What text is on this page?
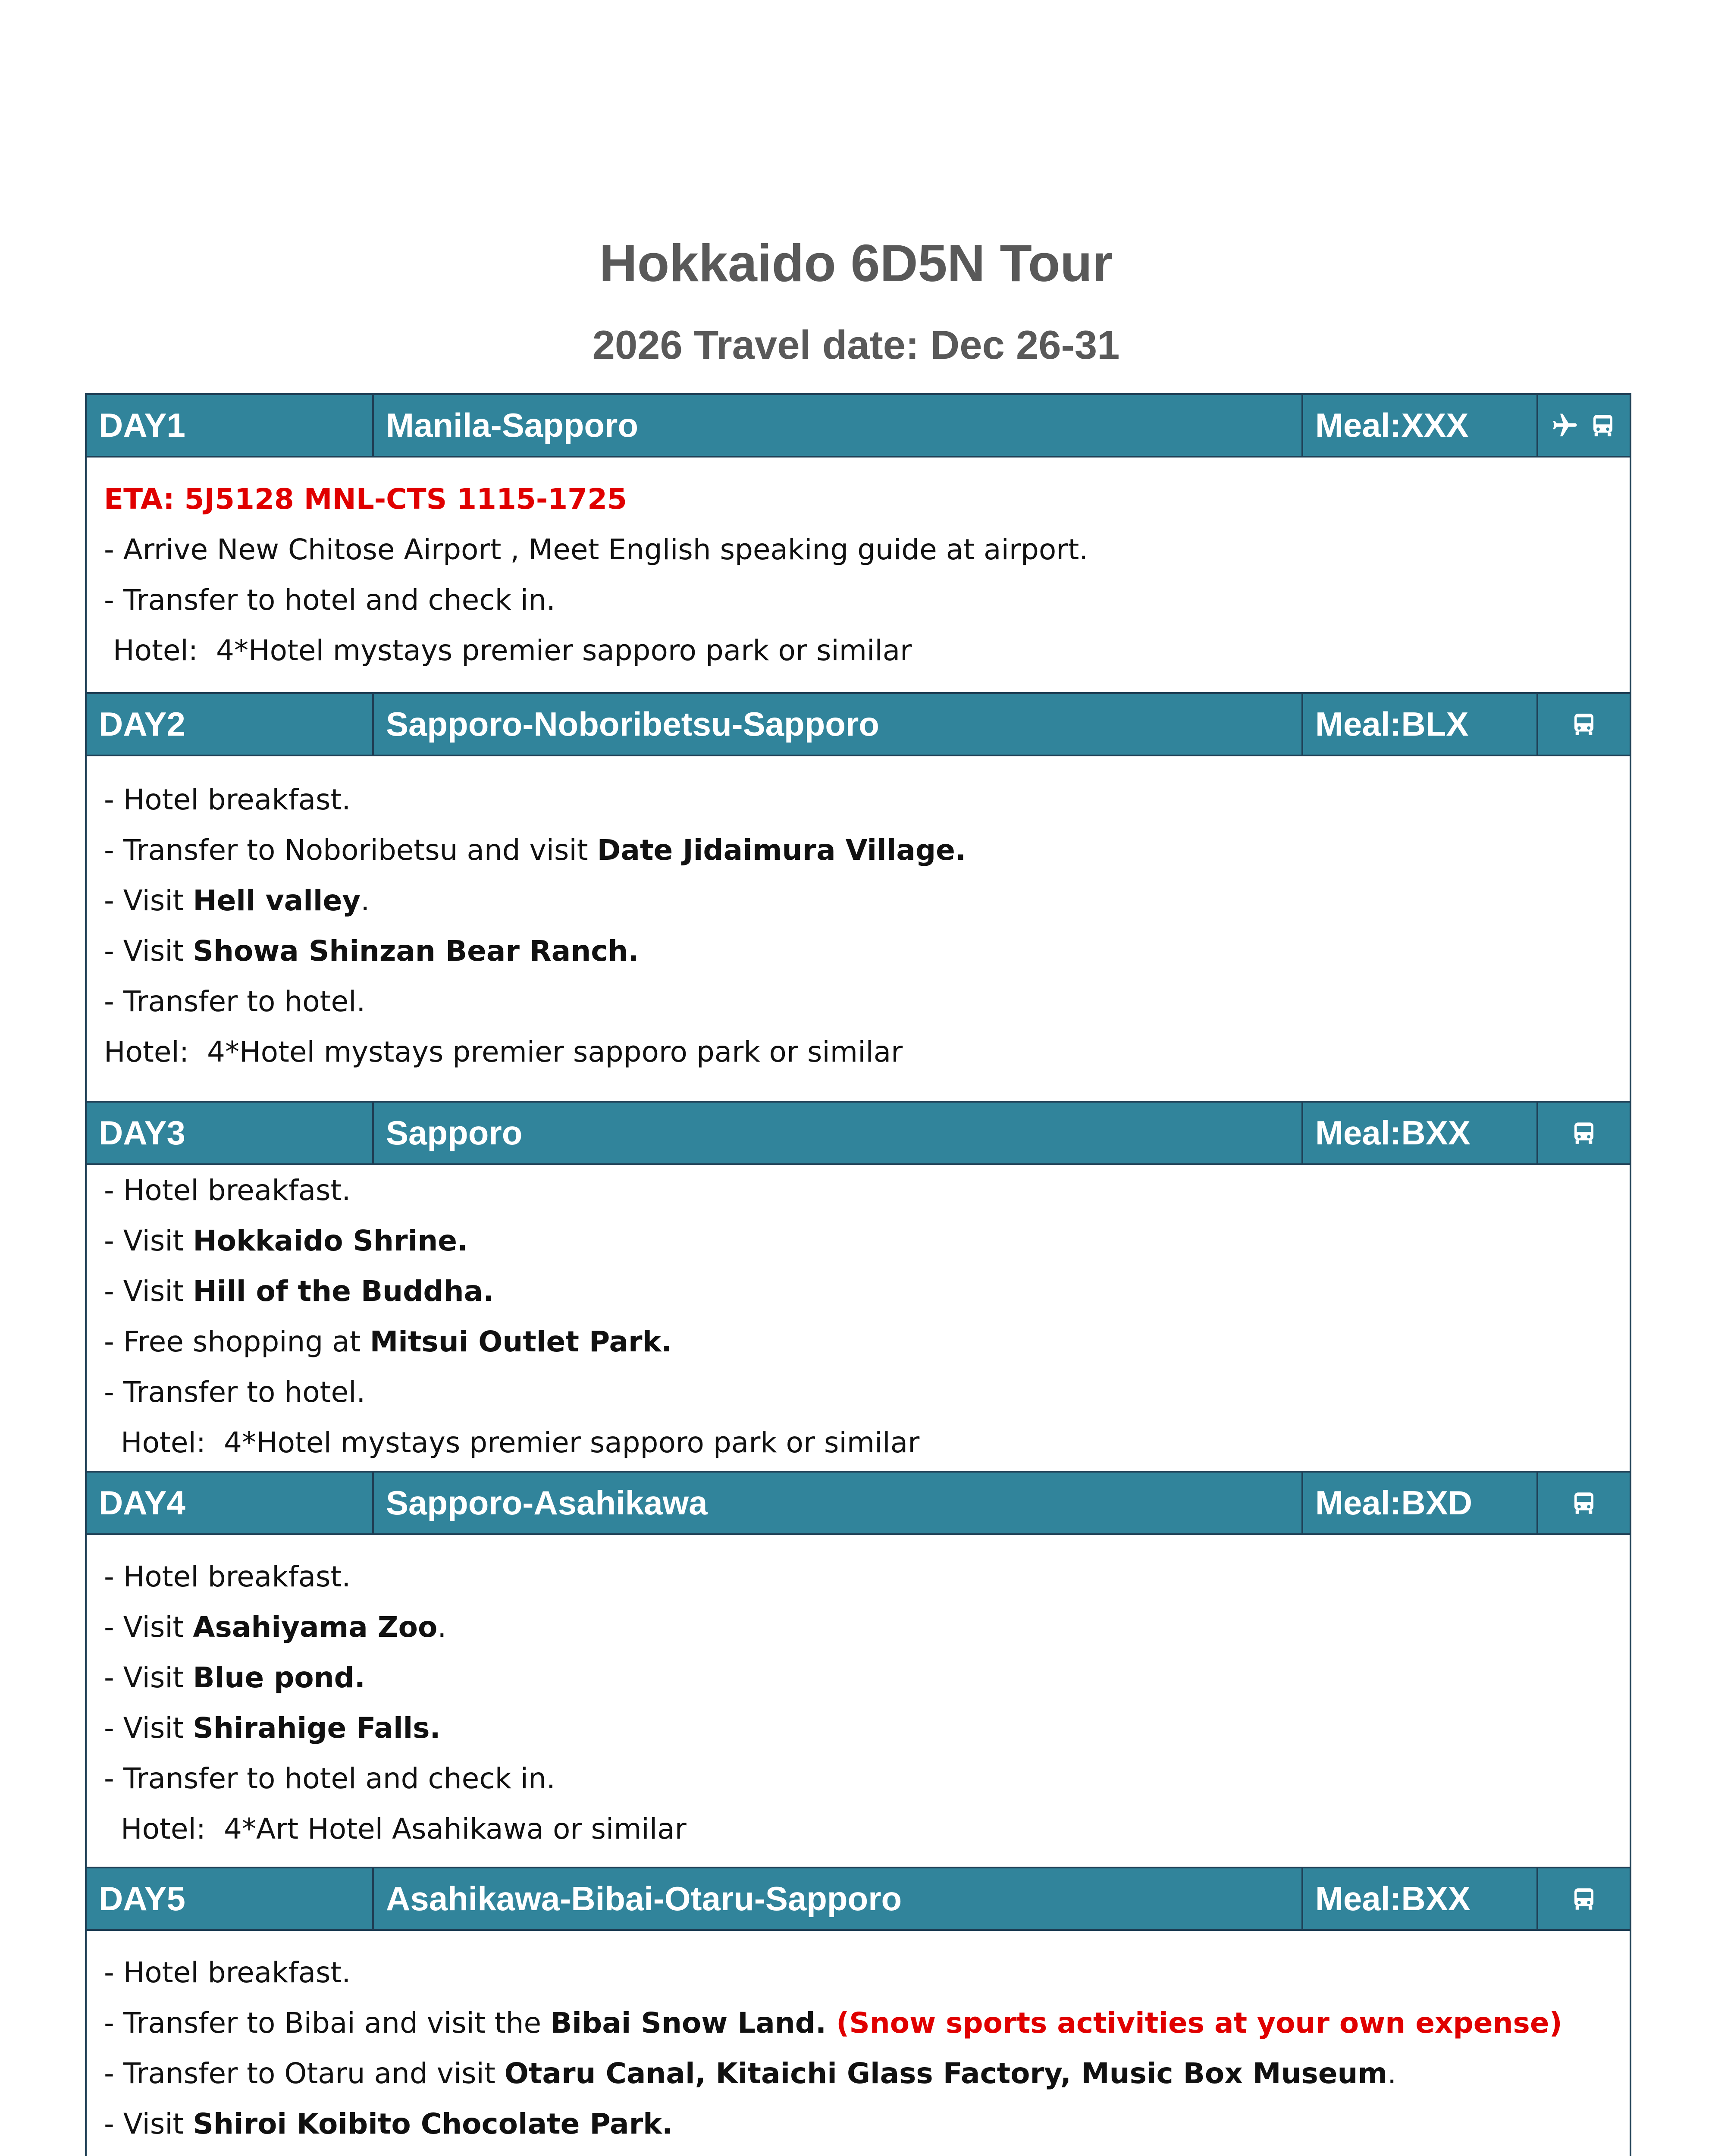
Hokkaido 6D5N Tour
2026 Travel date: Dec 26-31
DAY1	Manila-Sapporo	Meal:XXX
ETA: 5J5128 MNL-CTS 1115-1725
- Arrive New Chitose Airport , Meet English speaking guide at airport.
- Transfer to hotel and check in.
Hotel:  4*Hotel mystays premier sapporo park or similar
DAY2	Sapporo-Noboribetsu-Sapporo	Meal:BLX
- Hotel breakfast.
- Transfer to Noboribetsu and visit Date Jidaimura Village.
- Visit Hell valley.
- Visit Showa Shinzan Bear Ranch.
- Transfer to hotel.
Hotel:  4*Hotel mystays premier sapporo park or similar
DAY3	Sapporo	Meal:BXX
- Hotel breakfast.
- Visit Hokkaido Shrine.
- Visit Hill of the Buddha.
- Free shopping at Mitsui Outlet Park.
- Transfer to hotel.
Hotel:  4*Hotel mystays premier sapporo park or similar
DAY4	Sapporo-Asahikawa	Meal:BXD
- Hotel breakfast.
- Visit Asahiyama Zoo.
- Visit Blue pond.
- Visit Shirahige Falls.
- Transfer to hotel and check in.
Hotel:  4*Art Hotel Asahikawa or similar
DAY5	Asahikawa-Bibai-Otaru-Sapporo	Meal:BXX
- Hotel breakfast.
- Transfer to Bibai and visit the Bibai Snow Land. (Snow sports activities at your own expense)
- Transfer to Otaru and visit Otaru Canal, Kitaichi Glass Factory, Music Box Museum.
- Visit Shiroi Koibito Chocolate Park.
